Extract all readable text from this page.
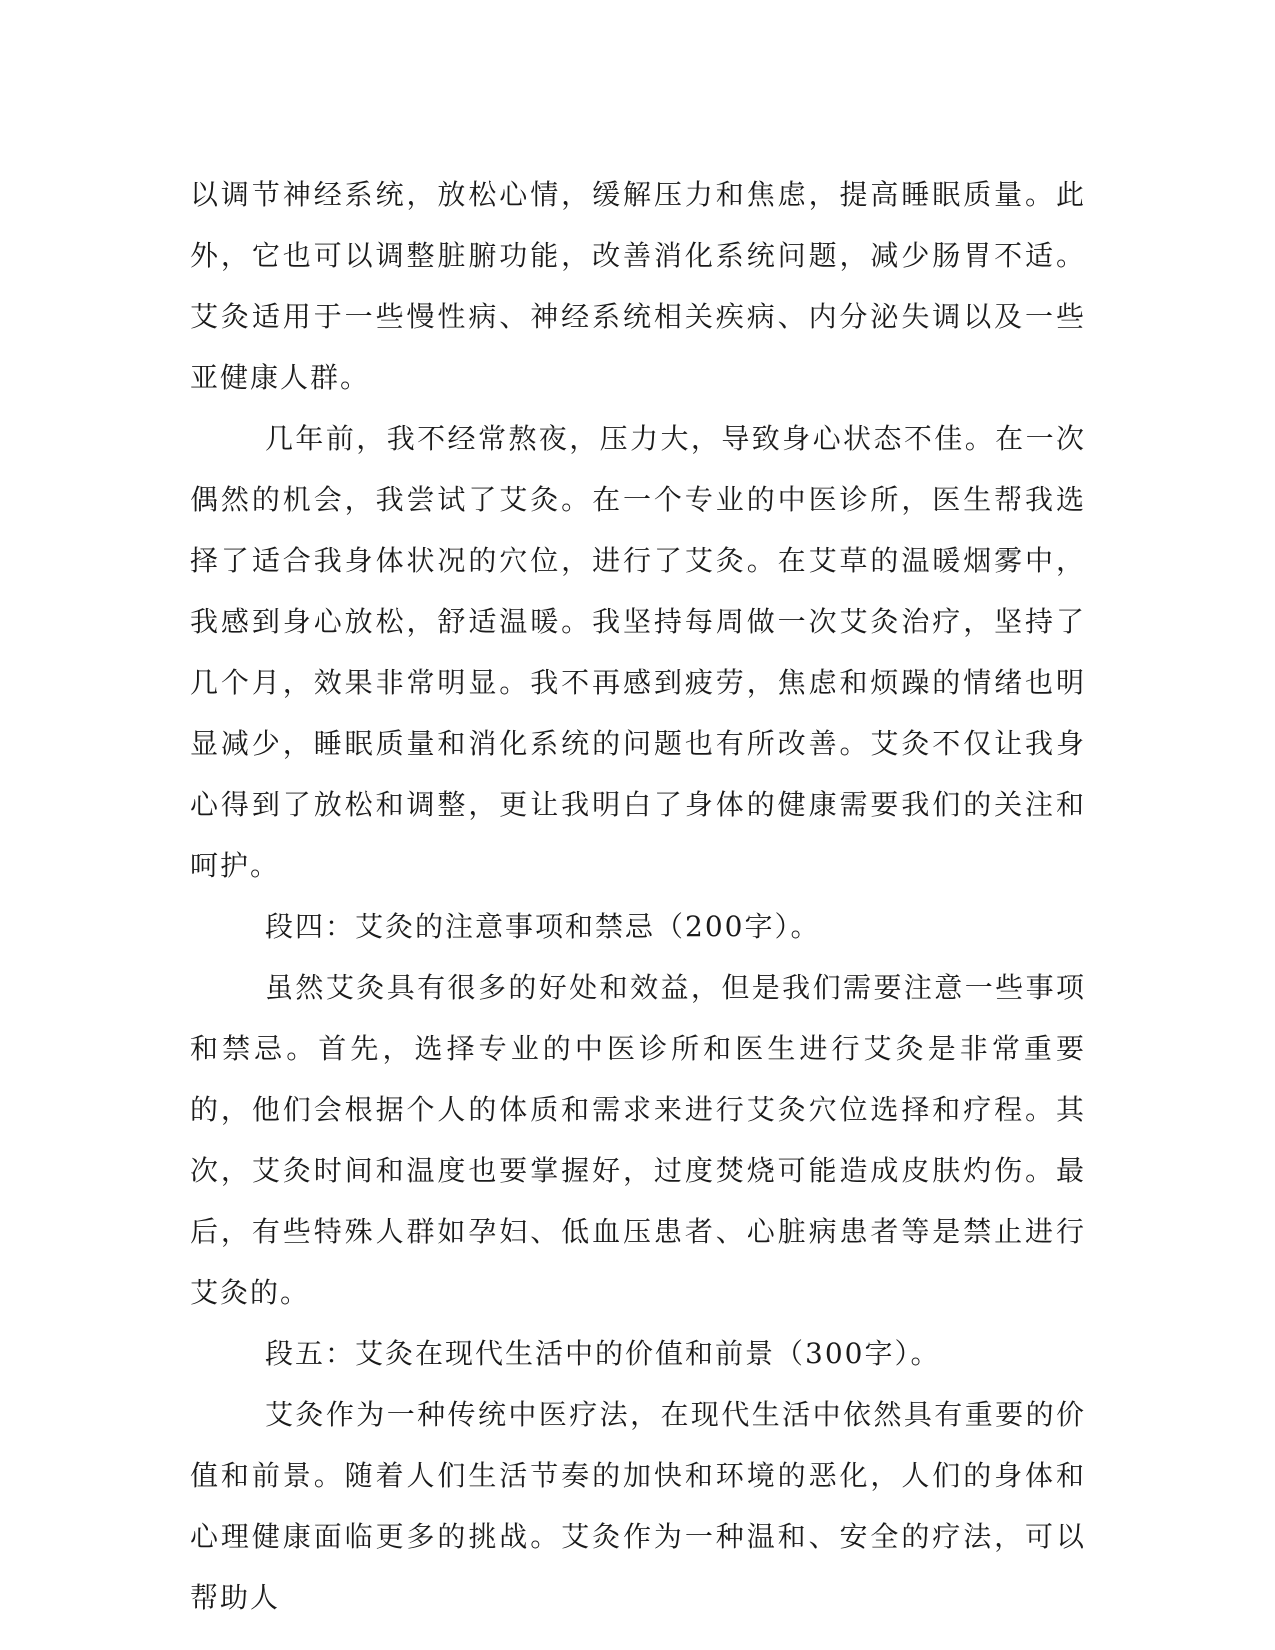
以调节神经系统，放松心情，缓解压力和焦虑，提高睡眠质量。此外，它也可以调整脏腑功能，改善消化系统问题，减少肠胃不适。艾灸适用于一些慢性病、神经系统相关疾病、内分泌失调以及一些亚健康人群。

几年前，我不经常熬夜，压力大，导致身心状态不佳。在一次偶然的机会，我尝试了艾灸。在一个专业的中医诊所，医生帮我选择了适合我身体状况的穴位，进行了艾灸。在艾草的温暖烟雾中，我感到身心放松，舒适温暖。我坚持每周做一次艾灸治疗，坚持了几个月，效果非常明显。我不再感到疲劳，焦虑和烦躁的情绪也明显减少，睡眠质量和消化系统的问题也有所改善。艾灸不仅让我身心得到了放松和调整，更让我明白了身体的健康需要我们的关注和呵护。

段四：艾灸的注意事项和禁忌（200字）。

虽然艾灸具有很多的好处和效益，但是我们需要注意一些事项和禁忌。首先，选择专业的中医诊所和医生进行艾灸是非常重要的，他们会根据个人的体质和需求来进行艾灸穴位选择和疗程。其次，艾灸时间和温度也要掌握好，过度焚烧可能造成皮肤灼伤。最后，有些特殊人群如孕妇、低血压患者、心脏病患者等是禁止进行艾灸的。

段五：艾灸在现代生活中的价值和前景（300字）。

艾灸作为一种传统中医疗法，在现代生活中依然具有重要的价值和前景。随着人们生活节奏的加快和环境的恶化，人们的身体和心理健康面临更多的挑战。艾灸作为一种温和、安全的疗法，可以帮助人
